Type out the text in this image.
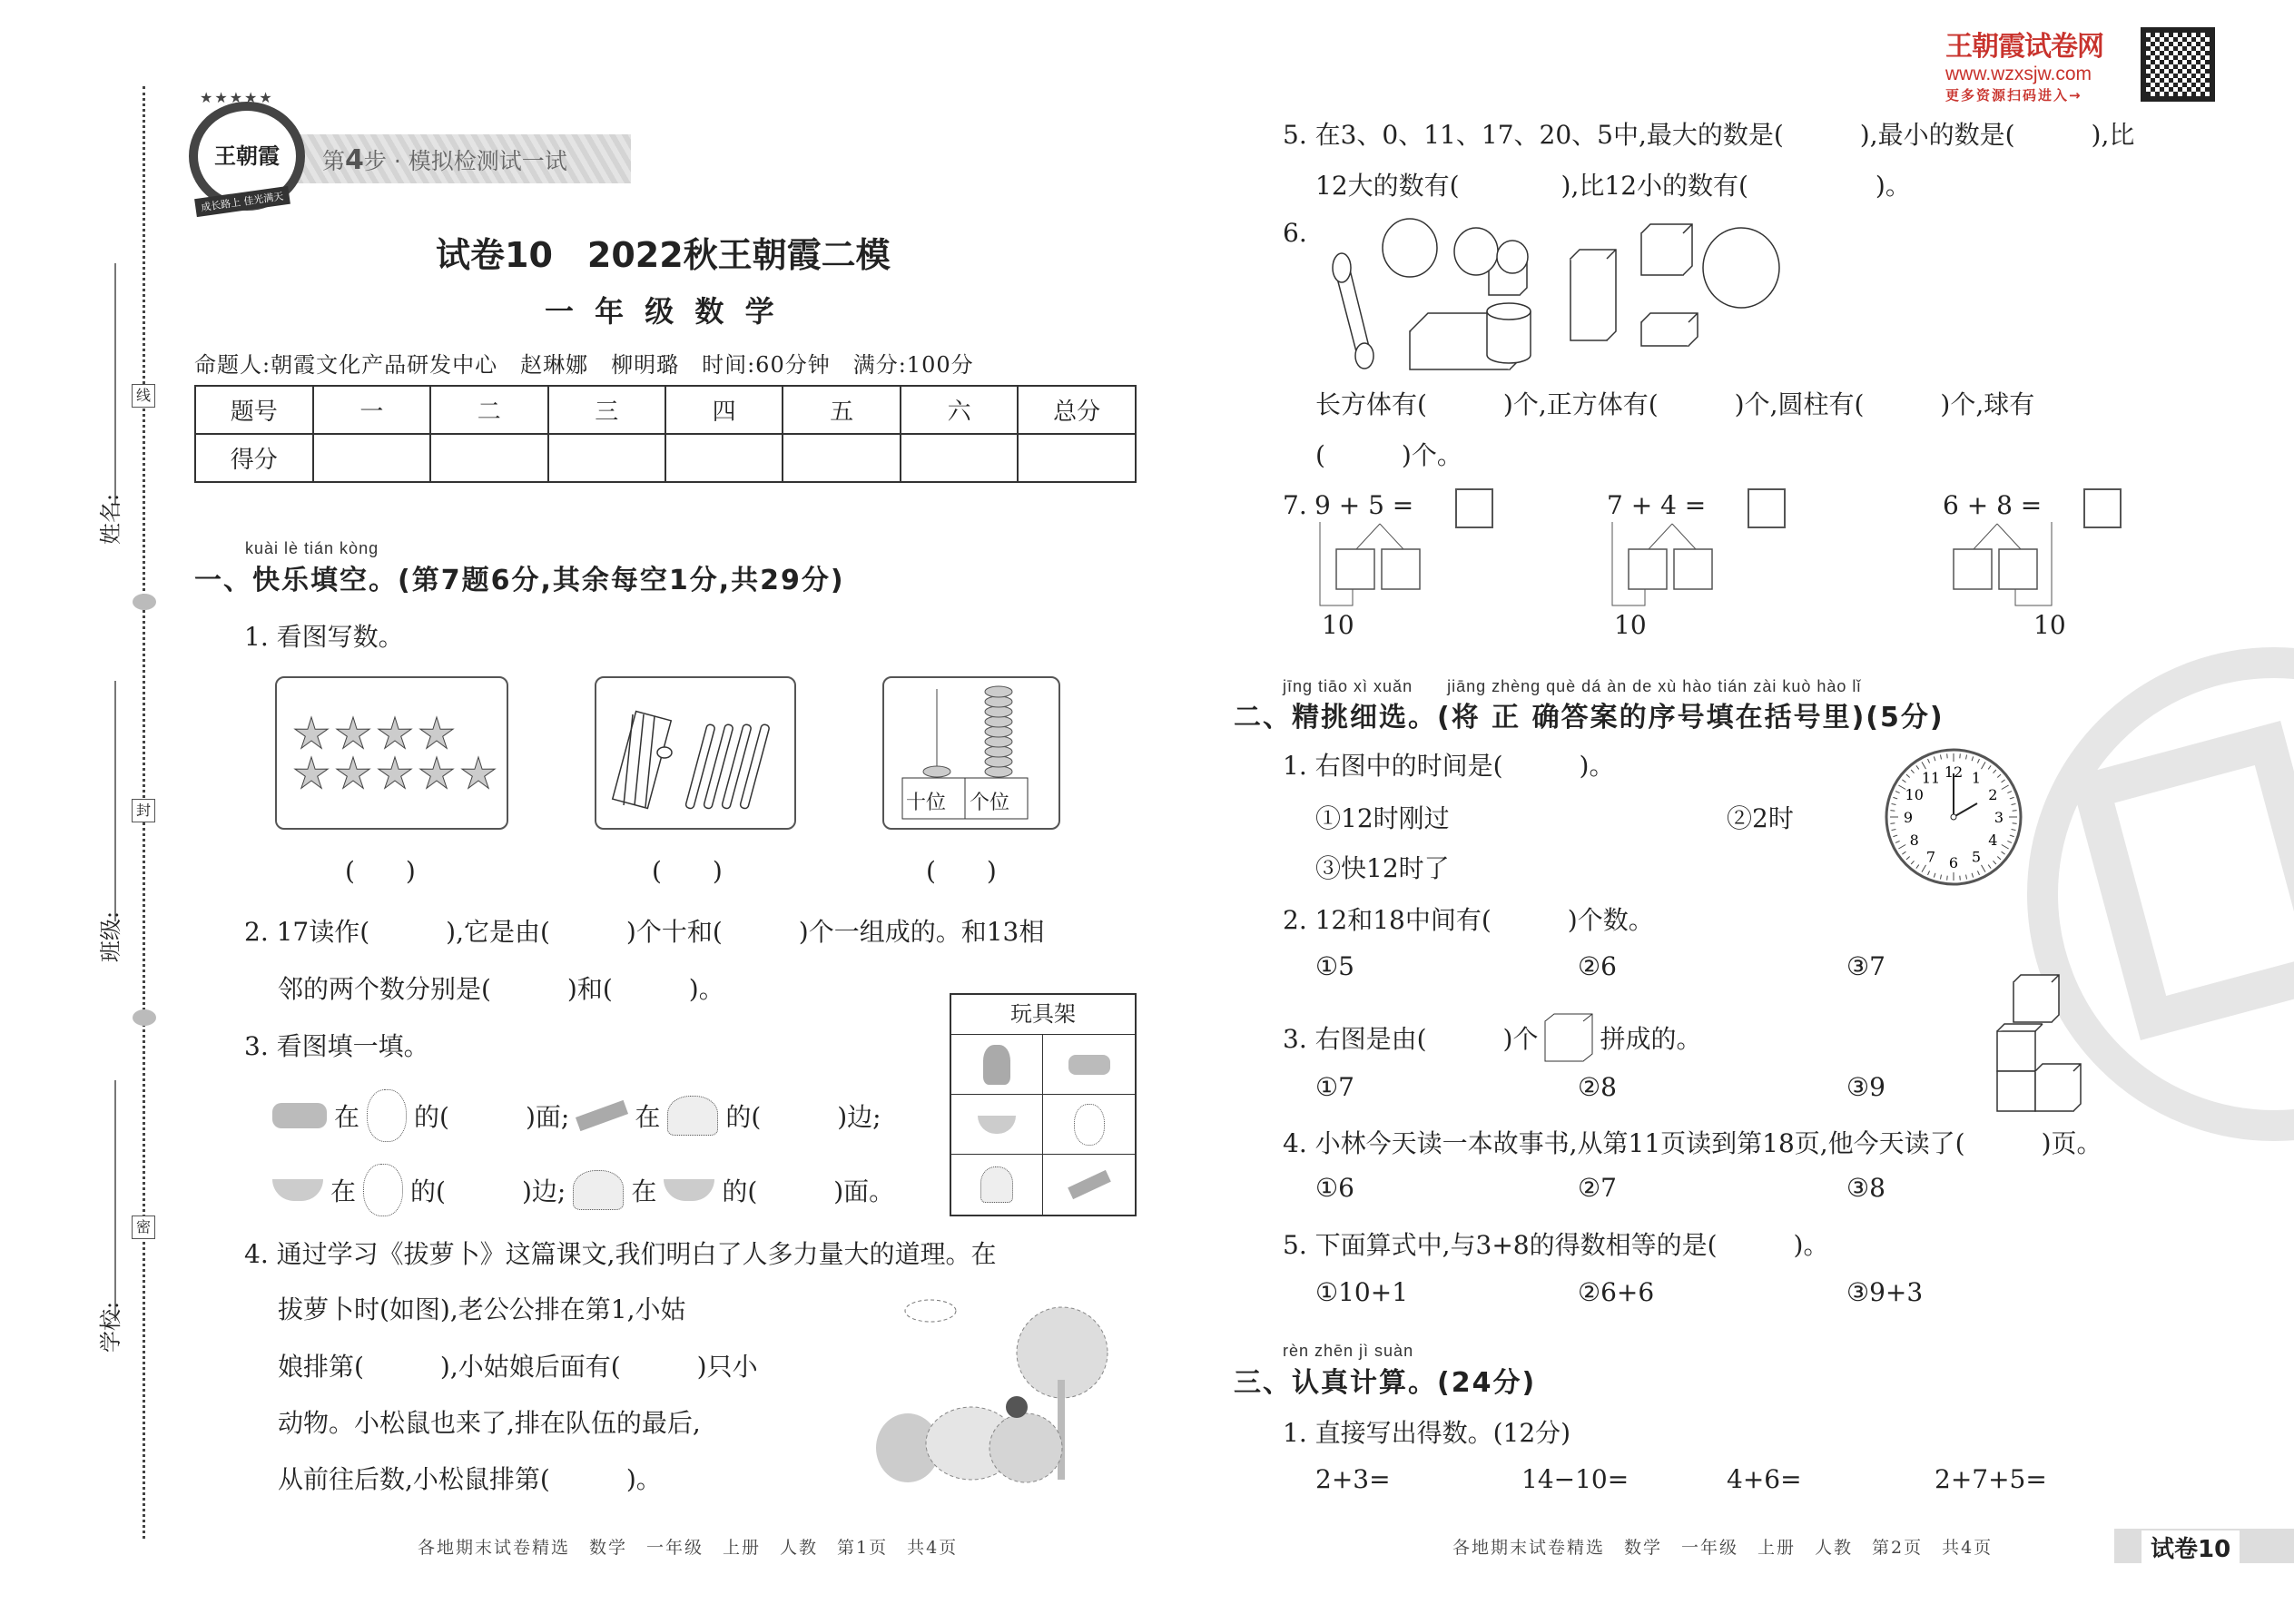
线
封
密
姓名:
班级:
学校:
第4步 · 模拟检测试一试
王朝霞
★★★★★
成长路上 佳光满天
试卷10　2022秋王朝霞二模
一 年 级 数 学
命题人:朝霞文化产品研发中心　赵琳娜　柳明璐　时间:60分钟　满分:100分
题号	一	二	三	四	五	六	总分
得分							
kuài lè tián kòng
一、快乐填空。(第7题6分,其余每空1分,共29分)
1. 看图写数。
十位 个位
(　　)	(　　)	(　　)
2. 17读作(　　　),它是由(　　　)个十和(　　　)个一组成的。和13相
邻的两个数分别是(　　　)和(　　　)。
3. 看图填一填。
玩具架
在 的(　　　)面;	在	的(　　　)边;
在 的(　　　)边;	在	的(　　　)面。
4. 通过学习《拔萝卜》这篇课文,我们明白了人多力量大的道理。在
拔萝卜时(如图),老公公排在第1,小姑
娘排第(　　　),小姑娘后面有(　　　)只小
动物。小松鼠也来了,排在队伍的最后,
从前往后数,小松鼠排第(　　　)。
各地期末试卷精选　数学　一年级　上册　人教　第1页　共4页
王朝霞试卷网
www.wzxsjw.com
更多资源扫码进入→
5. 在3、0、11、17、20、5中,最大的数是(　　　),最小的数是(　　　),比
12大的数有(　　　　),比12小的数有(　　　　　)。
6.
长方体有(　　　)个,正方体有(　　　)个,圆柱有(　　　)个,球有
(　　　)个。
7. 9 + 5 =
10
7 + 4 =
10
6 + 8 =
10
jīng tiāo xì xuǎn　　jiāng zhèng què dá àn de xù hào tián zài kuò hào lǐ
二、精挑细选。(将 正 确答案的序号填在括号里)(5分)
1. 右图中的时间是(　　　)。
①12时刚过	②2时
③快12时了
12 1
2
3
4
5
6
7
8
9
10
11
2. 12和18中间有(　　　)个数。
①5	②6	③7
3. 右图是由(　　　)个 拼成的。
①7	②8	③9
4. 小林今天读一本故事书,从第11页读到第18页,他今天读了(　　　)页。
①6	②7	③8
5. 下面算式中,与3+8的得数相等的是(　　　)。
①10+1	②6+6	③9+3
rèn zhēn jì suàn
三、认真计算。(24分)
1. 直接写出得数。(12分)
2+3=	14−10=	4+6=	2+7+5=
各地期末试卷精选　数学　一年级　上册　人教　第2页　共4页	试卷10
